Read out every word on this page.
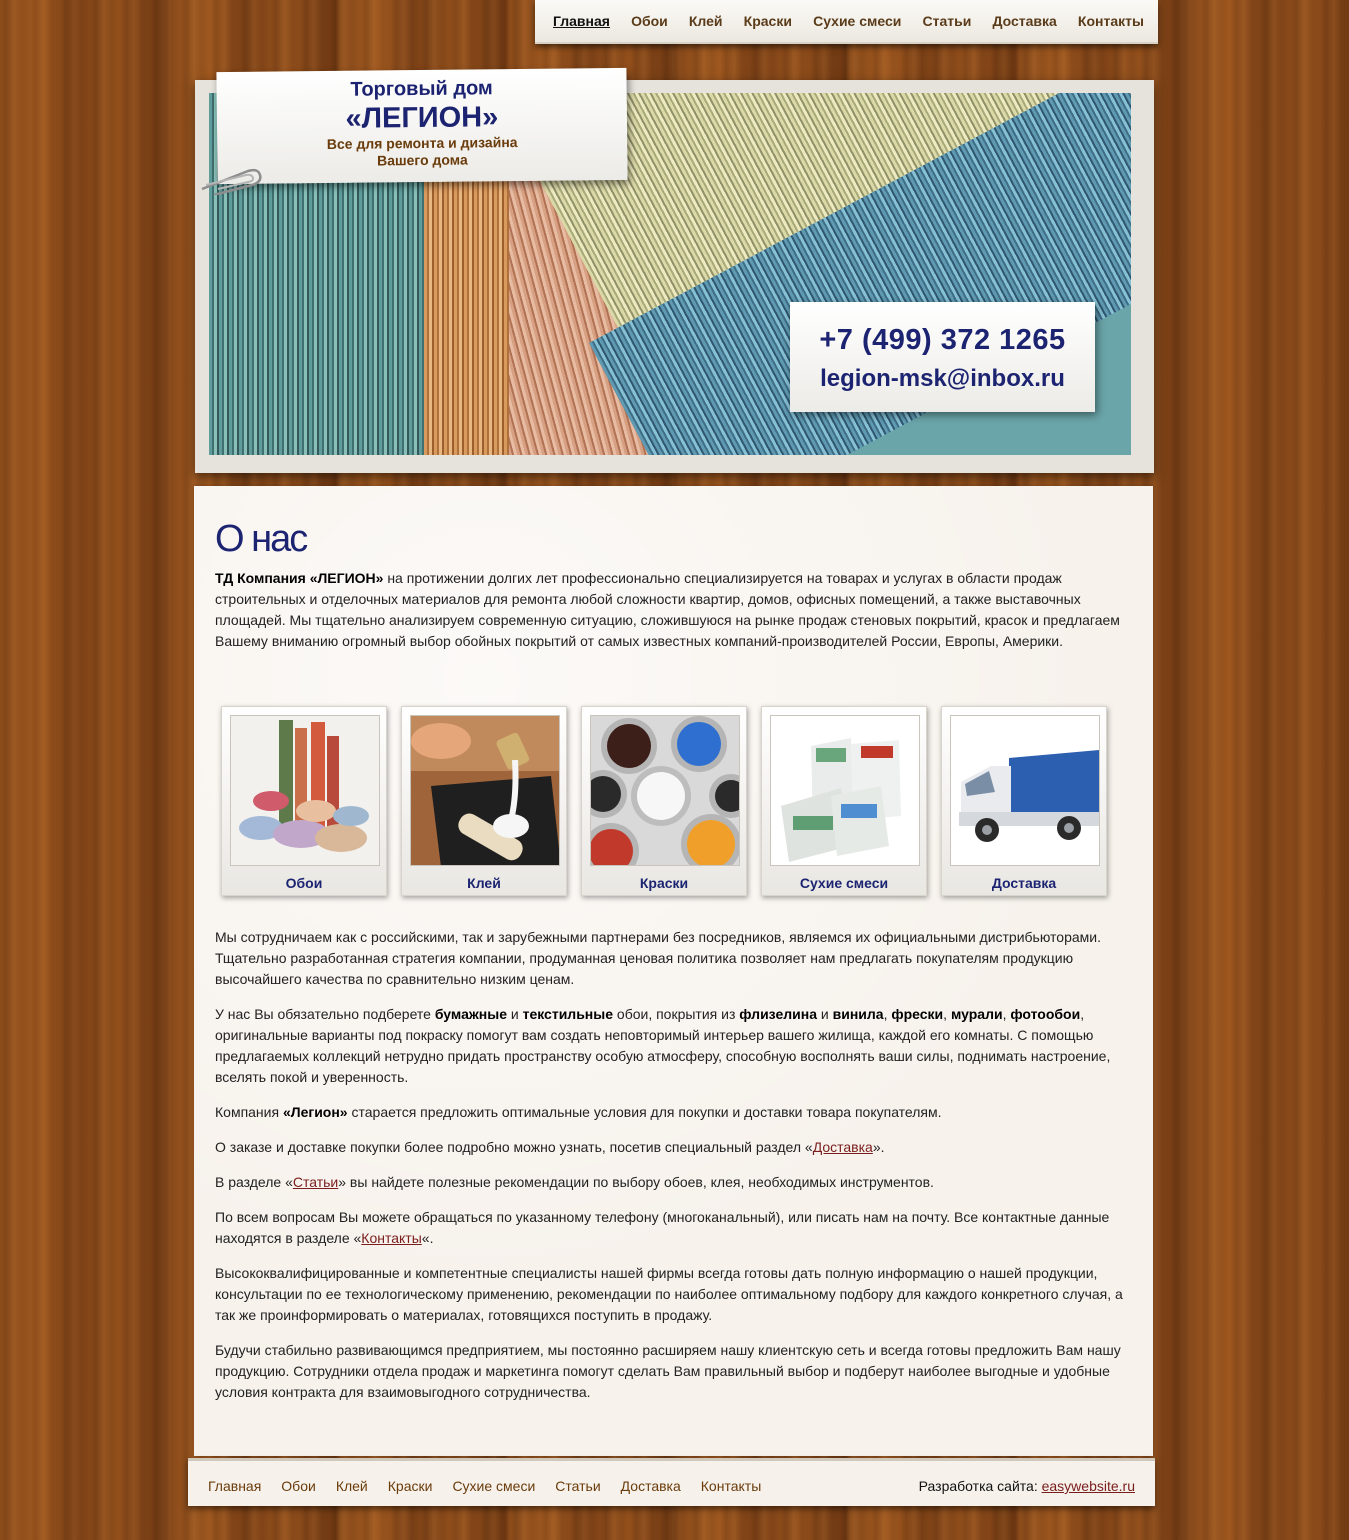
Главная Обои Клей Краски Сухие смеси Статьи Доставка Контакты
Торговый дом
«ЛЕГИОН»
Все для ремонта и дизайна
Вашего дома
+7 (499) 372 1265
legion-msk@inbox.ru
О нас

ТД Компания «ЛЕГИОН» на протижении долгих лет профессионально специализируется на товарах и услугах в области продаж строительных и отделочных материалов для ремонта любой сложности квартир, домов, офисных помещений, а также выставочных площадей. Мы тщательно анализируем современную ситуацию, сложившуюся на рынке продаж стеновых покрытий, красок и предлагаем Вашему вниманию огромный выбор обойных покрытий от самых известных компаний-производителей России, Европы, Америки.

Обои	Клей	Краски	Сухие смеси	Доставка

Мы сотрудничаем как с российскими, так и зарубежными партнерами без посредников, являемся их официальными дистрибьюторами. Тщательно разработанная стратегия компании, продуманная ценовая политика позволяет нам предлагать покупателям продукцию высочайшего качества по сравнительно низким ценам.

У нас Вы обязательно подберете бумажные и текстильные обои, покрытия из флизелина и винила, фрески, мурали, фотообои, оригинальные варианты под покраску помогут вам создать неповторимый интерьер вашего жилища, каждой его комнаты. С помощью предлагаемых коллекций нетрудно придать пространству особую атмосферу, способную восполнять ваши силы, поднимать настроение, вселять покой и уверенность.

Компания «Легион» старается предложить оптимальные условия для покупки и доставки товара покупателям.

О заказе и доставке покупки более подробно можно узнать, посетив специальный раздел «Доставка».

В разделе «Статьи» вы найдете полезные рекомендации по выбору обоев, клея, необходимых инструментов.

По всем вопросам Вы можете обращаться по указанному телефону (многоканальный), или писать нам на почту. Все контактные данные находятся в разделе «Контакты«.

Высококвалифицированные и компетентные специалисты нашей фирмы всегда готовы дать полную информацию о нашей продукции, консультации по ее технологическому применению, рекомендации по наиболее оптимальному подбору для каждого конкретного случая, а так же проинформировать о материалах, готовящихся поступить в продажу.

Будучи стабильно развивающимся предприятием, мы постоянно расширяем нашу клиентскую сеть и всегда готовы предложить Вам нашу продукцию. Сотрудники отдела продаж и маркетинга помогут сделать Вам правильный выбор и подберут наиболее выгодные и удобные условия контракта для взаимовыгодного сотрудничества.

Главная Обои Клей Краски Сухие смеси Статьи Доставка Контакты	Разработка сайта: easywebsite.ru
